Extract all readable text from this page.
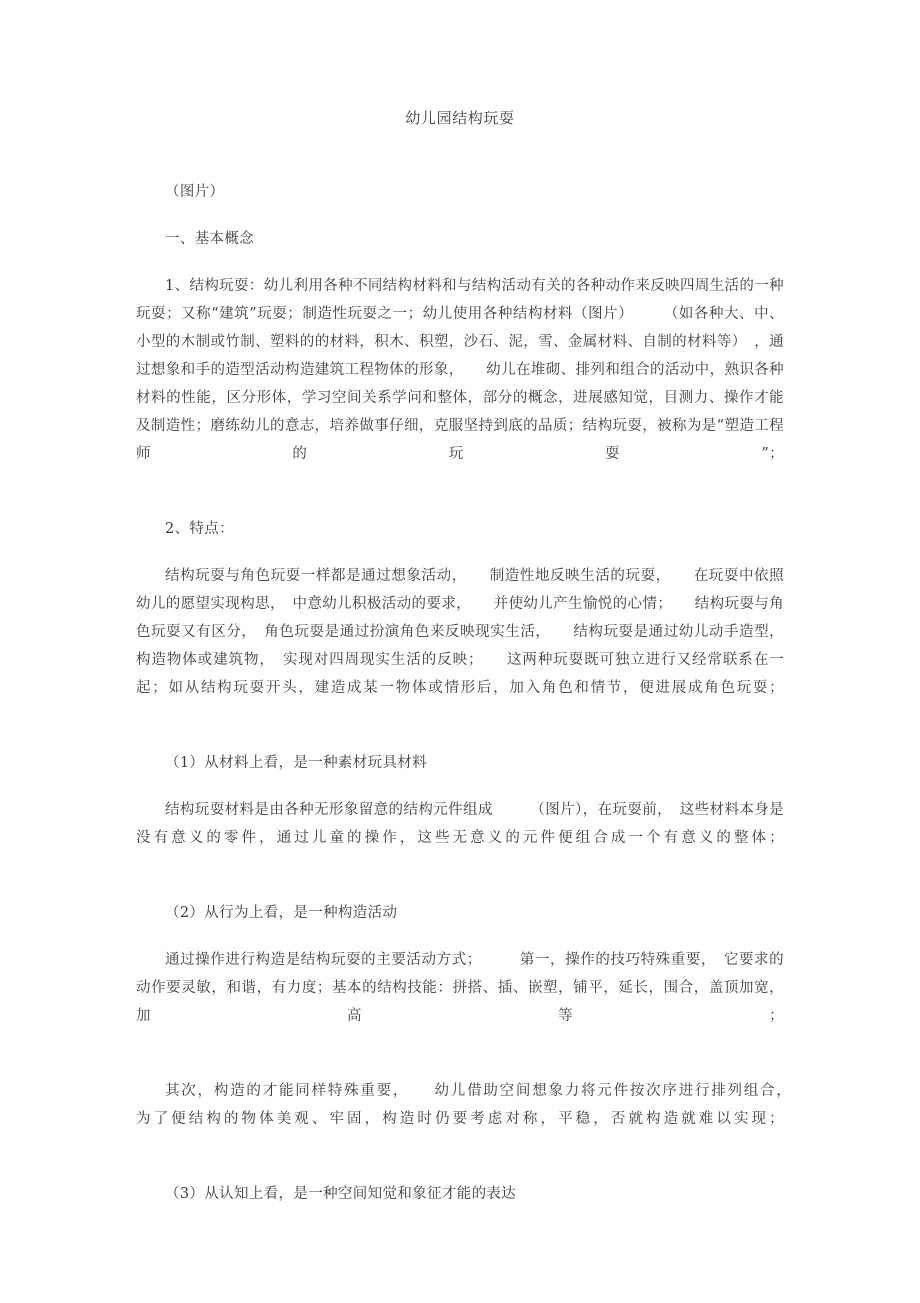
幼儿园结构玩耍

（图片）

一、基本概念

1、结构玩耍：幼儿利用各种不同结构材料和与结构活动有关的各种动作来反映四周生活的一种玩耍；又称“建筑”玩耍；制造性玩耍之一；幼儿使用各种结构材料（图片）　　　（如各种大、中、小型的木制或竹制、塑料的的材料，积木、积塑，沙石、泥，雪、金属材料、自制的材料等）　，通过想象和手的造型活动构造建筑工程物体的形象，　　幼儿在堆砌、排列和组合的活动中，熟识各种材料的性能，区分形体，学习空间关系学问和整体，部分的概念，进展感知觉，目测力、操作才能及制造性；磨练幼儿的意志，培养做事仔细，克服坚持到底的品质；结构玩耍，被称为是“塑造工程师的玩耍”；

2、特点：

结构玩耍与角色玩耍一样都是通过想象活动，　　制造性地反映生活的玩耍，　　在玩耍中依照幼儿的愿望实现构思，　中意幼儿积极活动的要求，　　并使幼儿产生愉悦的心情；　　结构玩耍与角色玩耍又有区分，　角色玩耍是通过扮演角色来反映现实生活，　　结构玩耍是通过幼儿动手造型，构造物体或建筑物，　实现对四周现实生活的反映；　　这两种玩耍既可独立进行又经常联系在一起；如从结构玩耍开头，建造成某一物体或情形后，加入角色和情节，便进展成角色玩耍；

（1）从材料上看，是一种素材玩具材料

结构玩耍材料是由各种无形象留意的结构元件组成　　　（图片），在玩耍前，　这些材料本身是没有意义的零件，通过儿童的操作，这些无意义的元件便组合成一个有意义的整体；

（2）从行为上看，是一种构造活动

通过操作进行构造是结构玩耍的主要活动方式；　　　第一，操作的技巧特殊重要，　它要求的动作要灵敏，和谐，有力度；基本的结构技能：拼搭、插、嵌塑，铺平，延长，围合，盖顶加宽，加高等；

其次，构造的才能同样特殊重要，　　幼儿借助空间想象力将元件按次序进行排列组合，　　　为了便结构的物体美观、牢固，构造时仍要考虑对称，平稳，否就构造就难以实现；

（3）从认知上看，是一种空间知觉和象征才能的表达
